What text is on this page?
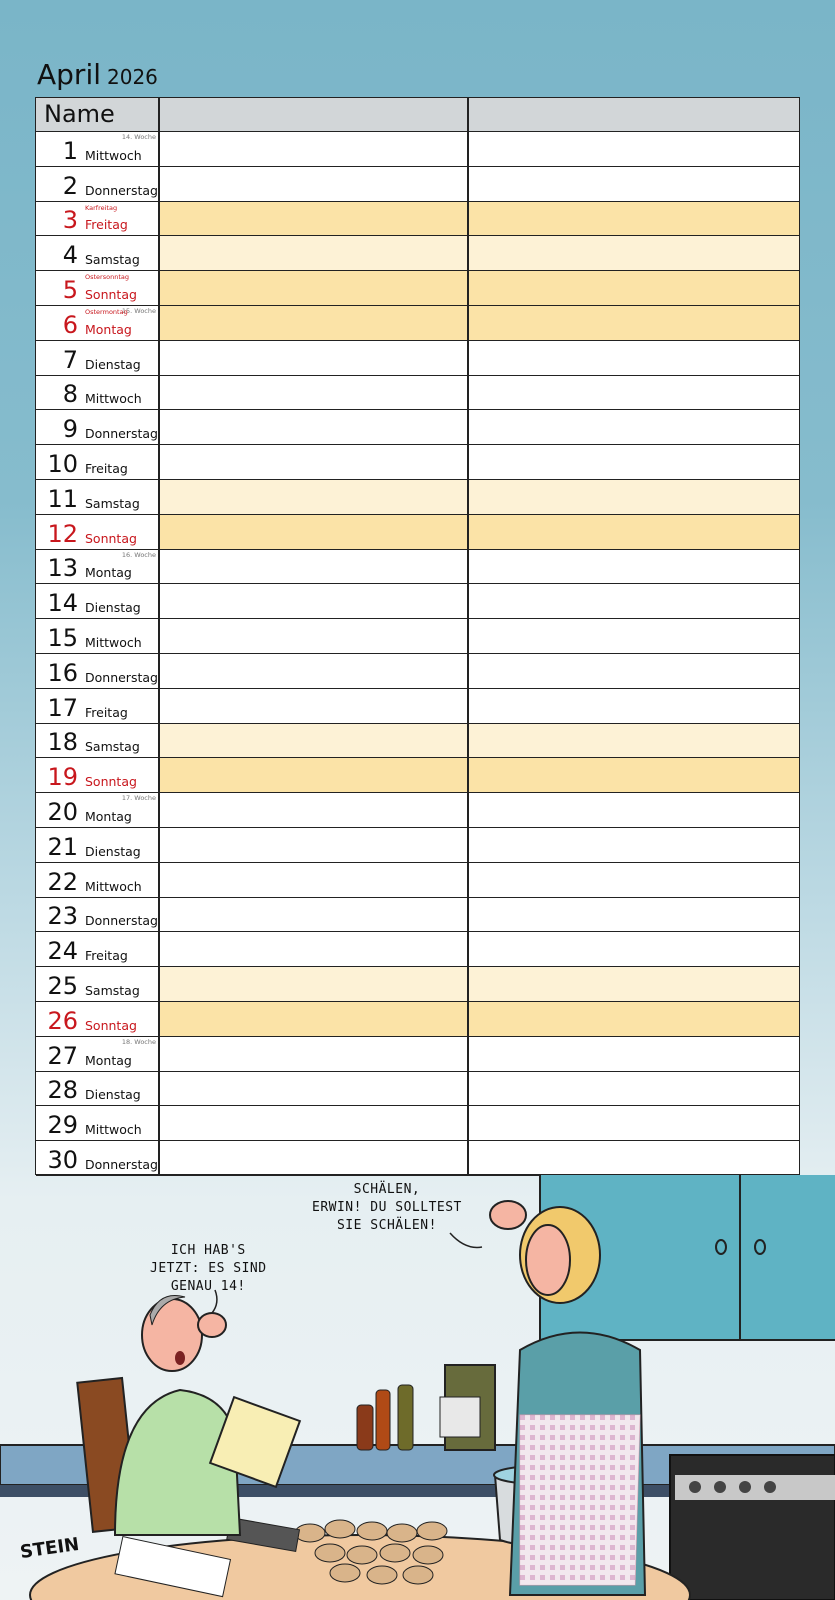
April 2026
Name
1 Mittwoch
14. Woche
2 Donnerstag
3 Freitag
Karfreitag
4 Samstag
5 Sonntag
Ostersonntag
6 Montag
15. Woche
Ostermontag
7 Dienstag
8 Mittwoch
9 Donnerstag
10 Freitag
11 Samstag
12 Sonntag
13 Montag
16. Woche
14 Dienstag
15 Mittwoch
16 Donnerstag
17 Freitag
18 Samstag
19 Sonntag
20 Montag
17. Woche
21 Dienstag
22 Mittwoch
23 Donnerstag
24 Freitag
25 Samstag
26 Sonntag
27 Montag
18. Woche
28 Dienstag
29 Mittwoch
30 Donnerstag
ICH HAB'S
JETZT: ES SIND
GENAU 14!
SCHÄLEN,
ERWIN! DU SOLLTEST
SIE SCHÄLEN!
STEIN
